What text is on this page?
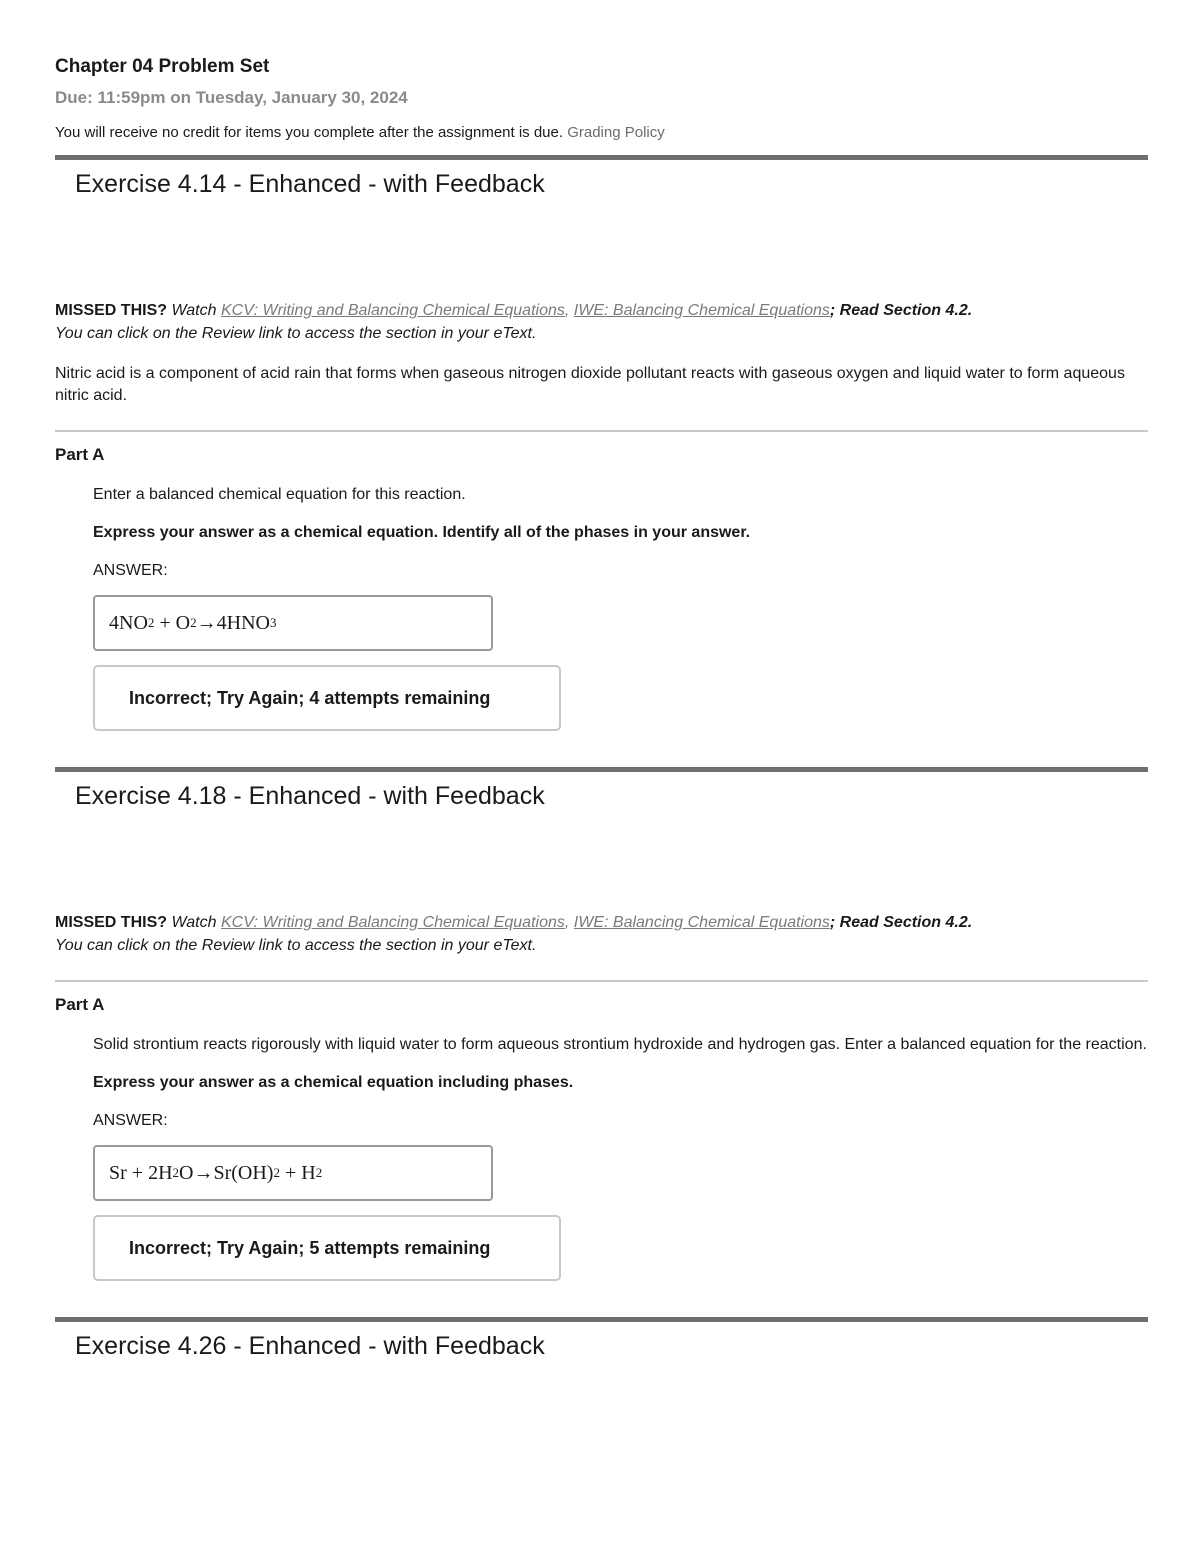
Chapter 04 Problem Set
Due: 11:59pm on Tuesday, January 30, 2024
You will receive no credit for items you complete after the assignment is due. Grading Policy
Exercise 4.14 - Enhanced - with Feedback

MISSED THIS? Watch KCV: Writing and Balancing Chemical Equations, IWE: Balancing Chemical Equations; Read Section 4.2.
You can click on the Review link to access the section in your eText.

Nitric acid is a component of acid rain that forms when gaseous nitrogen dioxide pollutant reacts with gaseous oxygen and liquid water to form aqueous nitric acid.

Part A

Enter a balanced chemical equation for this reaction.

Express your answer as a chemical equation. Identify all of the phases in your answer.

ANSWER:

4NO 2 + O 2 →4HNO 3
Incorrect; Try Again; 4 attempts remaining
Exercise 4.18 - Enhanced - with Feedback

MISSED THIS? Watch KCV: Writing and Balancing Chemical Equations, IWE: Balancing Chemical Equations; Read Section 4.2.
You can click on the Review link to access the section in your eText.

Part A

Solid strontium reacts rigorously with liquid water to form aqueous strontium hydroxide and hydrogen gas. Enter a balanced equation for the reaction.

Express your answer as a chemical equation including phases.

ANSWER:

Sr + 2H 2 O→Sr(OH) 2 + H 2
Incorrect; Try Again; 5 attempts remaining
Exercise 4.26 - Enhanced - with Feedback
